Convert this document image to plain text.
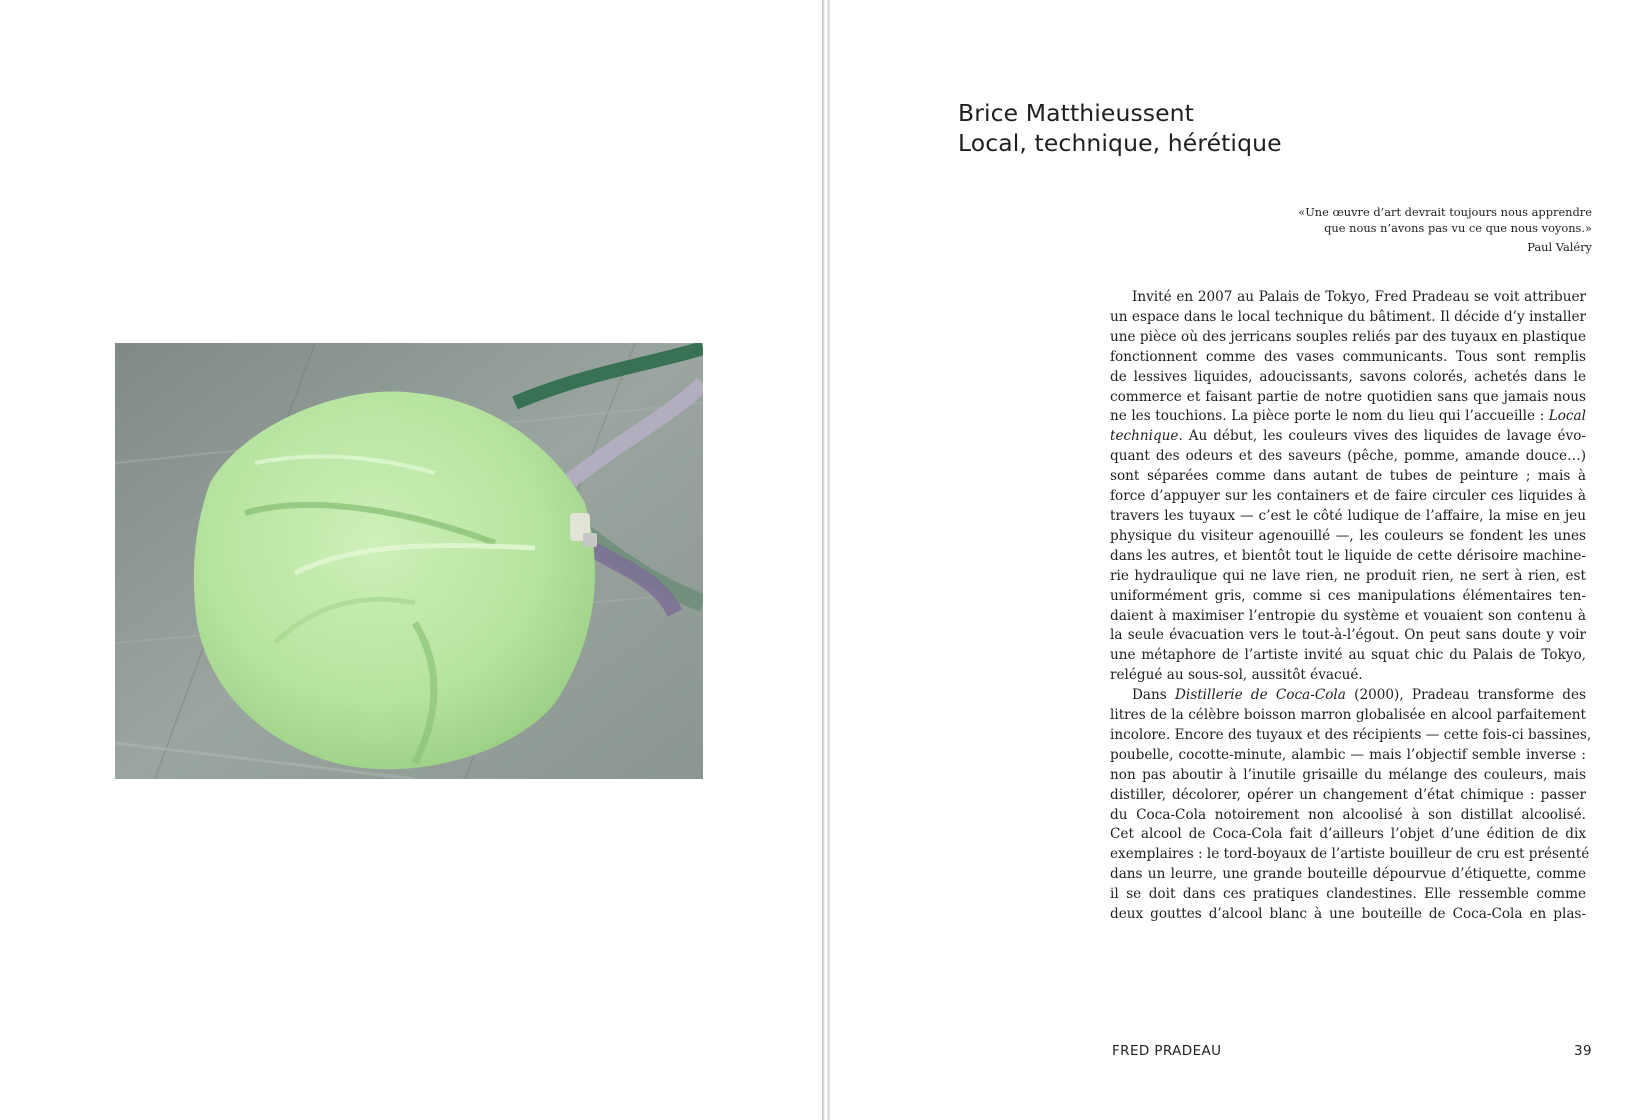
Brice Matthieussent
Local, technique, hérétique
«Une œuvre d’art devrait toujours nous apprendre
que nous n’avons pas vu ce que nous voyons.»
Paul Valéry
Invité en 2007 au Palais de Tokyo, Fred Pradeau se voit attribuer
un espace dans le local technique du bâtiment. Il décide d’y installer
une pièce où des jerricans souples reliés par des tuyaux en plastique
fonctionnent comme des vases communicants. Tous sont remplis
de lessives liquides, adoucissants, savons colorés, achetés dans le
commerce et faisant partie de notre quotidien sans que jamais nous
ne les touchions. La pièce porte le nom du lieu qui l’accueille : Local
technique. Au début, les couleurs vives des liquides de lavage évo-
quant des odeurs et des saveurs (pêche, pomme, amande douce…)
sont séparées comme dans autant de tubes de peinture ; mais à
force d’appuyer sur les containers et de faire circuler ces liquides à
travers les tuyaux — c’est le côté ludique de l’affaire, la mise en jeu
physique du visiteur agenouillé —, les couleurs se fondent les unes
dans les autres, et bientôt tout le liquide de cette dérisoire machine-
rie hydraulique qui ne lave rien, ne produit rien, ne sert à rien, est
uniformément gris, comme si ces manipulations élémentaires ten-
daient à maximiser l’entropie du système et vouaient son contenu à
la seule évacuation vers le tout-à-l’égout. On peut sans doute y voir
une métaphore de l’artiste invité au squat chic du Palais de Tokyo,
relégué au sous-sol, aussitôt évacué.
Dans Distillerie de Coca-Cola (2000), Pradeau transforme des
litres de la célèbre boisson marron globalisée en alcool parfaitement
incolore. Encore des tuyaux et des récipients — cette fois-ci bassines,
poubelle, cocotte-minute, alambic — mais l’objectif semble inverse :
non pas aboutir à l’inutile grisaille du mélange des couleurs, mais
distiller, décolorer, opérer un changement d’état chimique : passer
du Coca-Cola notoirement non alcoolisé à son distillat alcoolisé.
Cet alcool de Coca-Cola fait d’ailleurs l’objet d’une édition de dix
exemplaires : le tord-boyaux de l’artiste bouilleur de cru est présenté
dans un leurre, une grande bouteille dépourvue d’étiquette, comme
il se doit dans ces pratiques clandestines. Elle ressemble comme
deux gouttes d’alcool blanc à une bouteille de Coca-Cola en plas-
FRED PRADEAU	39
